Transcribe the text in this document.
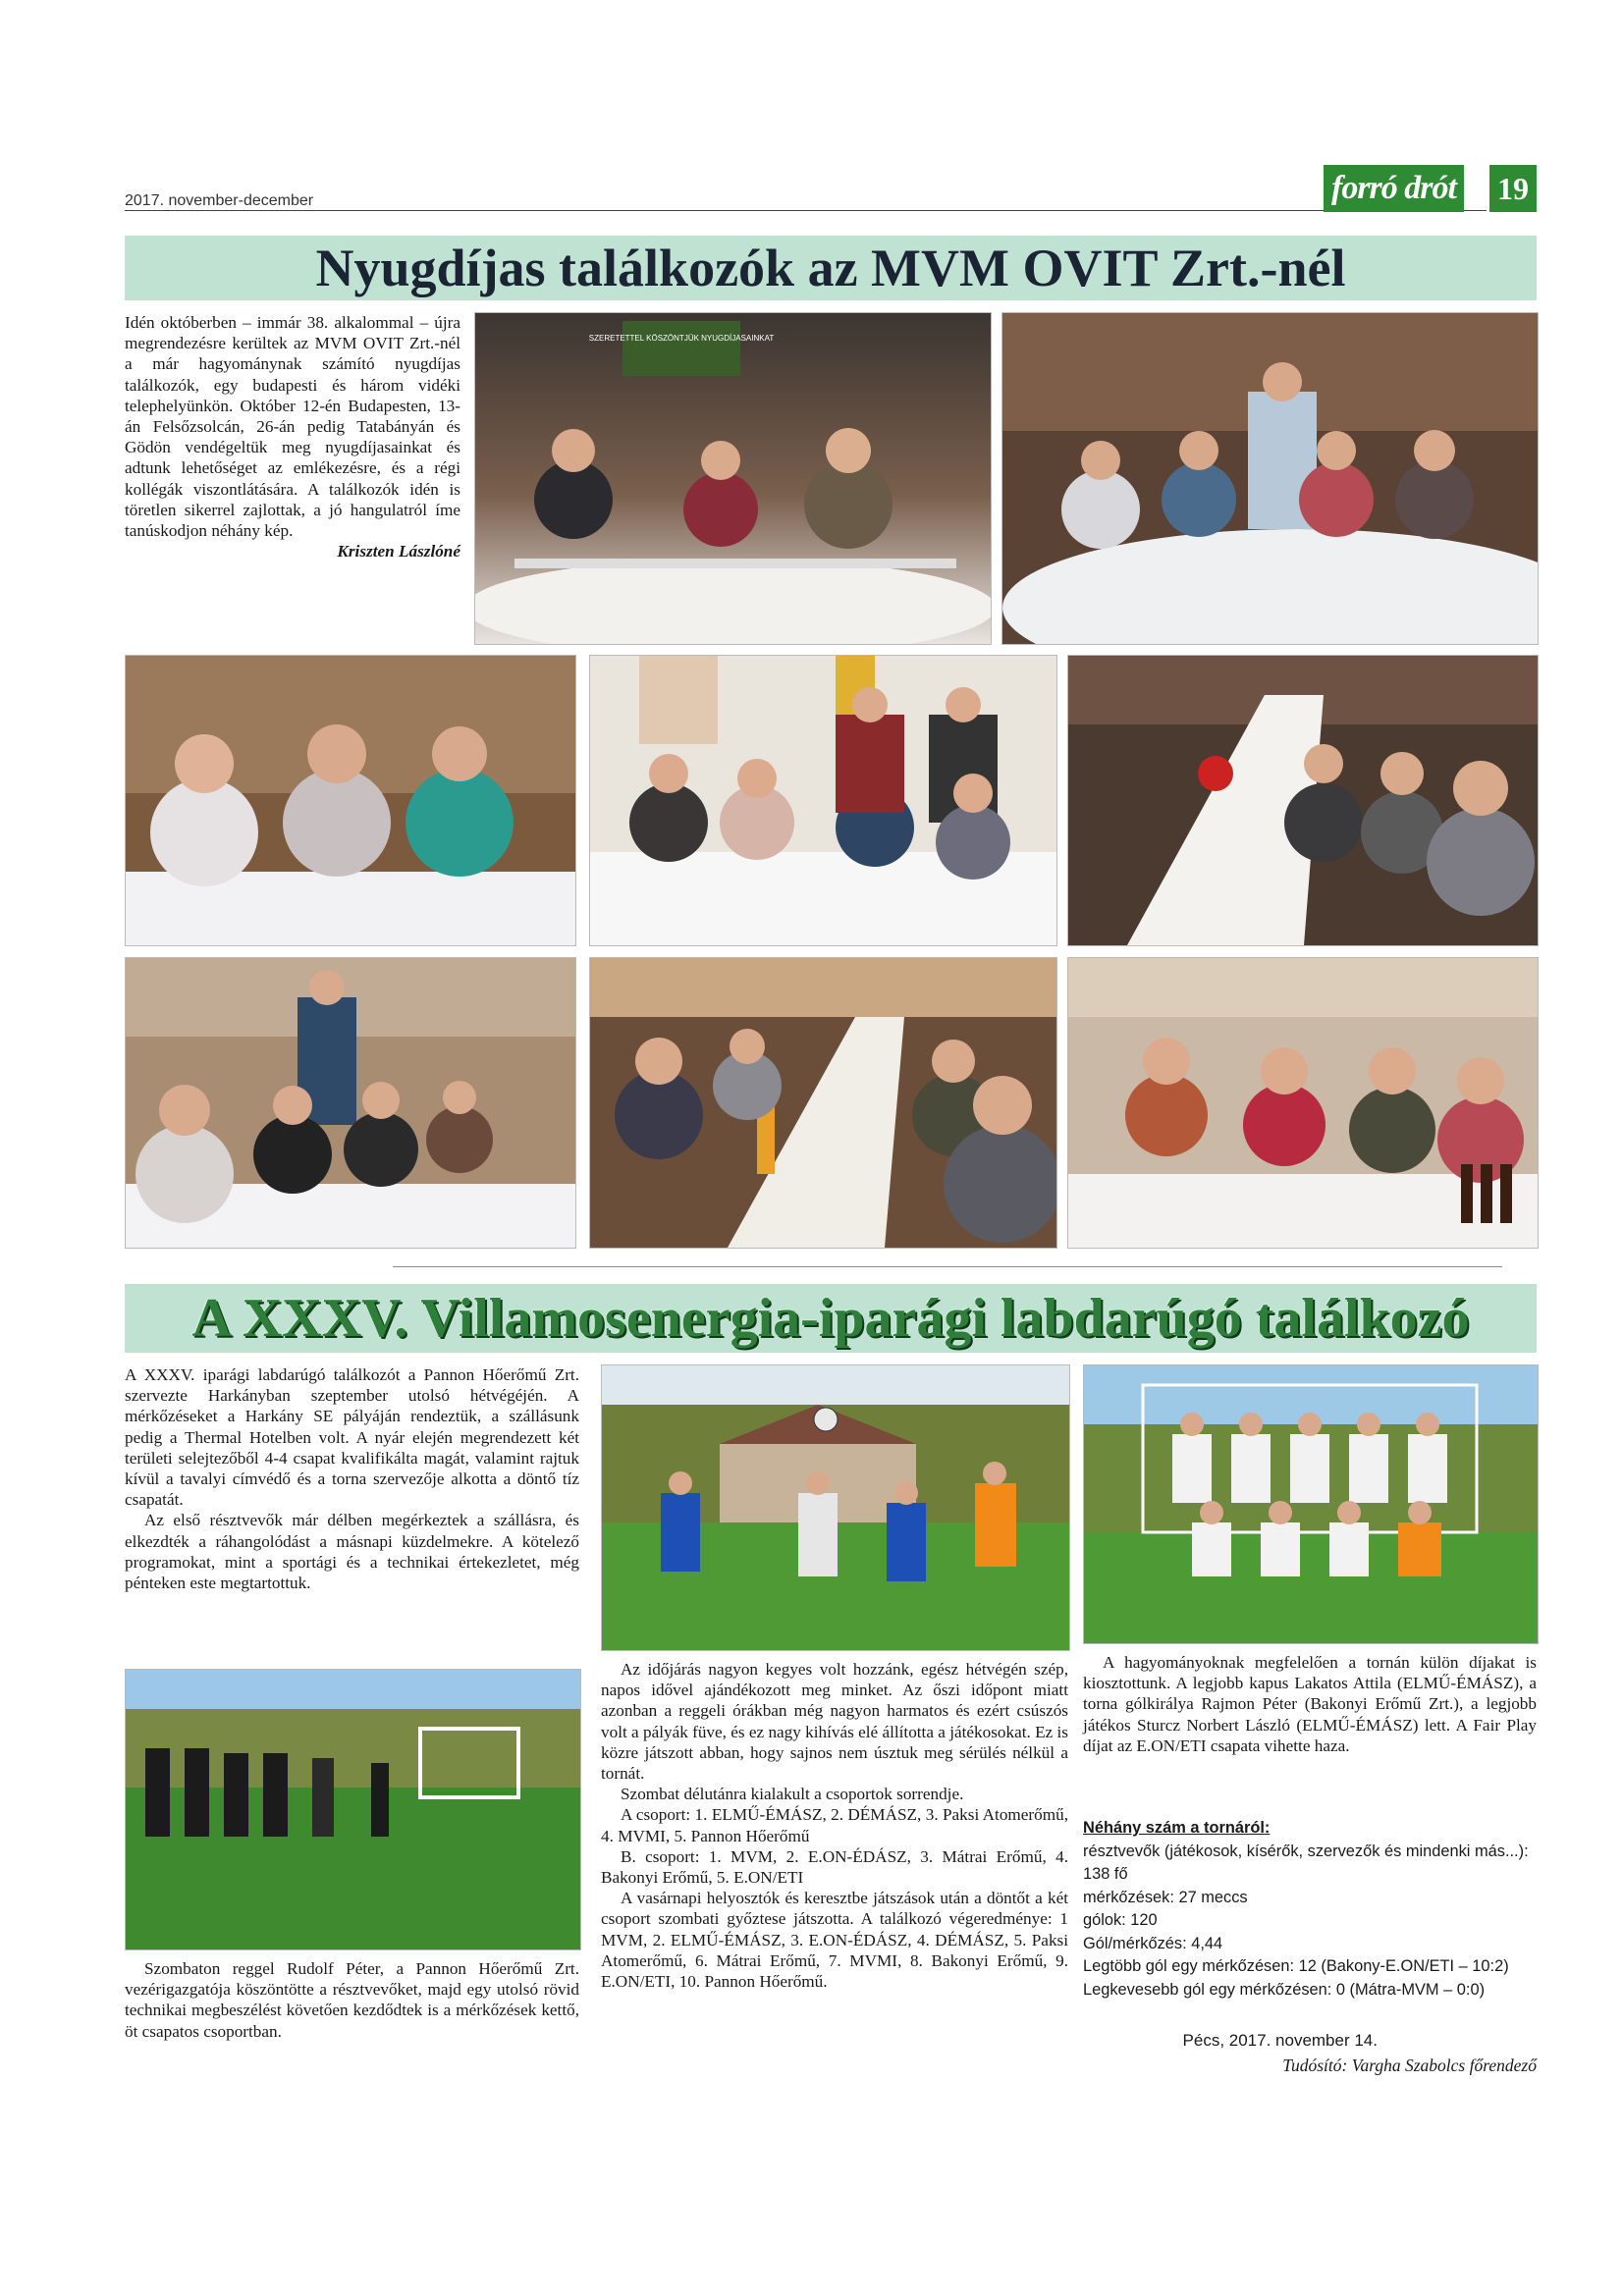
2017. november-december	forró drót 19
Nyugdíjas találkozók az MVM OVIT Zrt.-nél

Idén októberben – immár 38. alkalommal – újra megrendezésre kerültek az MVM OVIT Zrt.-nél a már hagyománynak számító nyugdíjas találkozók, egy budapesti és három vidéki telephelyünkön. Október 12-én Budapesten, 13-án Felsőzsolcán, 26-án pedig Tatabányán és Gödön vendégeltük meg nyugdíjasainkat és adtunk lehetőséget az emlékezésre, és a régi kollégák viszontlátására. A találkozók idén is töretlen sikerrel zajlottak, a jó hangulatról íme tanúskodjon néhány kép.

Kriszten Lászlóné
SZERETETTEL KÖSZÖNTJÜK NYUGDÍJASAINKAT
A XXXV. Villamosenergia-iparági labdarúgó találkozó

A XXXV. iparági labdarúgó találkozót a Pannon Hőerőmű Zrt. szervezte Harkányban szeptember utolsó hétvégéjén. A mérkőzéseket a Harkány SE pályáján rendeztük, a szállásunk pedig a Thermal Hotelben volt. A nyár elején megrendezett két területi selejtezőből 4-4 csapat kvalifikálta magát, valamint rajtuk kívül a tavalyi címvédő és a torna szervezője alkotta a döntő tíz csapatát.

Az első résztvevők már délben megérkeztek a szállásra, és elkezdték a ráhangolódást a másnapi küzdelmekre. A kötelező programokat, mint a sportági és a technikai értekezletet, még pénteken este megtartottuk.

Szombaton reggel Rudolf Péter, a Pannon Hőerőmű Zrt. vezérigazgatója köszöntötte a résztvevőket, majd egy utolsó rövid technikai megbeszélést követően kezdődtek is a mérkőzések kettő, öt csapatos csoportban.

Az időjárás nagyon kegyes volt hozzánk, egész hétvégén szép, napos idővel ajándékozott meg minket. Az őszi időpont miatt azonban a reggeli órákban még nagyon harmatos és ezért csúszós volt a pályák füve, és ez nagy kihívás elé állította a játékosokat. Ez is közre játszott abban, hogy sajnos nem úsztuk meg sérülés nélkül a tornát.

Szombat délutánra kialakult a csoportok sorrendje.

A csoport: 1. ELMŰ-ÉMÁSZ, 2. DÉMÁSZ, 3. Paksi Atomerőmű, 4. MVMI, 5. Pannon Hőerőmű

B. csoport: 1. MVM, 2. E.ON-ÉDÁSZ, 3. Mátrai Erőmű, 4. Bakonyi Erőmű, 5. E.ON/ETI

A vasárnapi helyosztók és keresztbe játszások után a döntőt a két csoport szombati győztese játszotta. A találkozó végeredménye: 1 MVM, 2. ELMŰ-ÉMÁSZ, 3. E.ON-ÉDÁSZ, 4. DÉMÁSZ, 5. Paksi Atomerőmű, 6. Mátrai Erőmű, 7. MVMI, 8. Bakonyi Erőmű, 9. E.ON/ETI, 10. Pannon Hőerőmű.

A hagyományoknak megfelelően a tornán külön díjakat is kiosztottunk. A legjobb kapus Lakatos Attila (ELMŰ-ÉMÁSZ), a torna gólkirálya Rajmon Péter (Bakonyi Erőmű Zrt.), a legjobb játékos Sturcz Norbert László (ELMŰ-ÉMÁSZ) lett. A Fair Play díjat az E.ON/ETI csapata vihette haza.

Néhány szám a tornáról:
résztvevők (játékosok, kísérők, szervezők és mindenki más...): 138 fő
mérkőzések: 27 meccs
gólok: 120
Gól/mérkőzés: 4,44
Legtöbb gól egy mérkőzésen: 12 (Bakony-E.ON/ETI – 10:2)
Legkevesebb gól egy mérkőzésen: 0 (Mátra-MVM – 0:0)
Pécs, 2017. november 14.
Tudósító: Vargha Szabolcs főrendező
